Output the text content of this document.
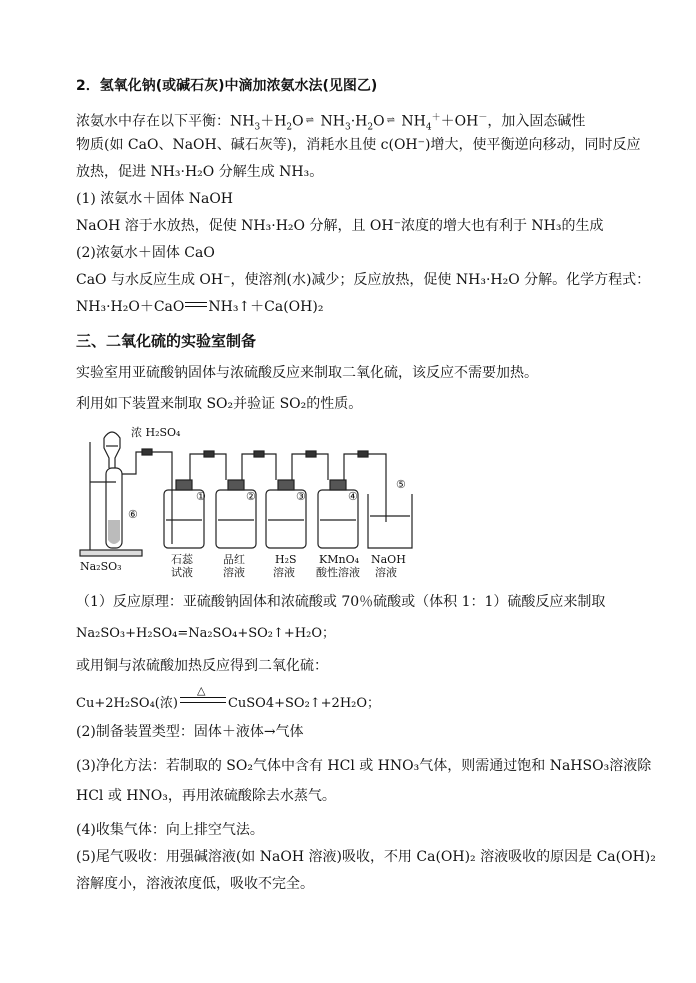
2．氢氧化钠(或碱石灰)中滴加浓氨水法(见图乙)
浓氨水中存在以下平衡：$NH_3+H_2O$ ⇌ $NH_3\cdot H_2O$ ⇌ $NH_4^++OH^-$，加入固态碱性
物质(如 CaO、NaOH、碱石灰等)，消耗水且使 c(OH⁻)增大，使平衡逆向移动，同时反应
放热，促进 NH₃·H₂O 分解生成 NH₃。
(1) 浓氨水＋固体 NaOH
NaOH 溶于水放热，促使 NH₃·H₂O 分解，且 OH⁻浓度的增大也有利于 NH₃的生成
(2)浓氨水＋固体 CaO
CaO 与水反应生成 OH⁻，使溶剂(水)减少；反应放热，促使 NH₃·H₂O 分解。化学方程式：
NH₃·H₂O＋CaO NH₃↑＋Ca(OH)₂
三、二氧化硫的实验室制备
实验室用亚硫酸钠固体与浓硫酸反应来制取二氧化硫，该反应不需要加热。
利用如下装置来制取 SO₂并验证 SO₂的性质。
浓 H₂SO₄
Na₂SO₃
①	②	③	④
⑤
⑥
石蕊
试液
品红
溶液
H₂S
溶液
KMnO₄
酸性溶液
NaOH
溶液
（1）反应原理：亚硫酸钠固体和浓硫酸或 70％硫酸或（体积 1：1）硫酸反应来制取
Na₂SO₃+H₂SO₄=Na₂SO₄+SO₂↑+H₂O；
或用铜与浓硫酸加热反应得到二氧化硫：
Cu+2H₂SO₄(浓)
△
CuSO4+SO₂↑+2H₂O；
(2)制备装置类型：固体＋液体→气体
(3)净化方法：若制取的 SO₂气体中含有 HCl 或 HNO₃气体，则需通过饱和 NaHSO₃溶液除
HCl 或 HNO₃，再用浓硫酸除去水蒸气。
(4)收集气体：向上排空气法。
(5)尾气吸收：用强碱溶液(如 NaOH 溶液)吸收，不用 Ca(OH)₂ 溶液吸收的原因是 Ca(OH)₂
溶解度小，溶液浓度低，吸收不完全。
